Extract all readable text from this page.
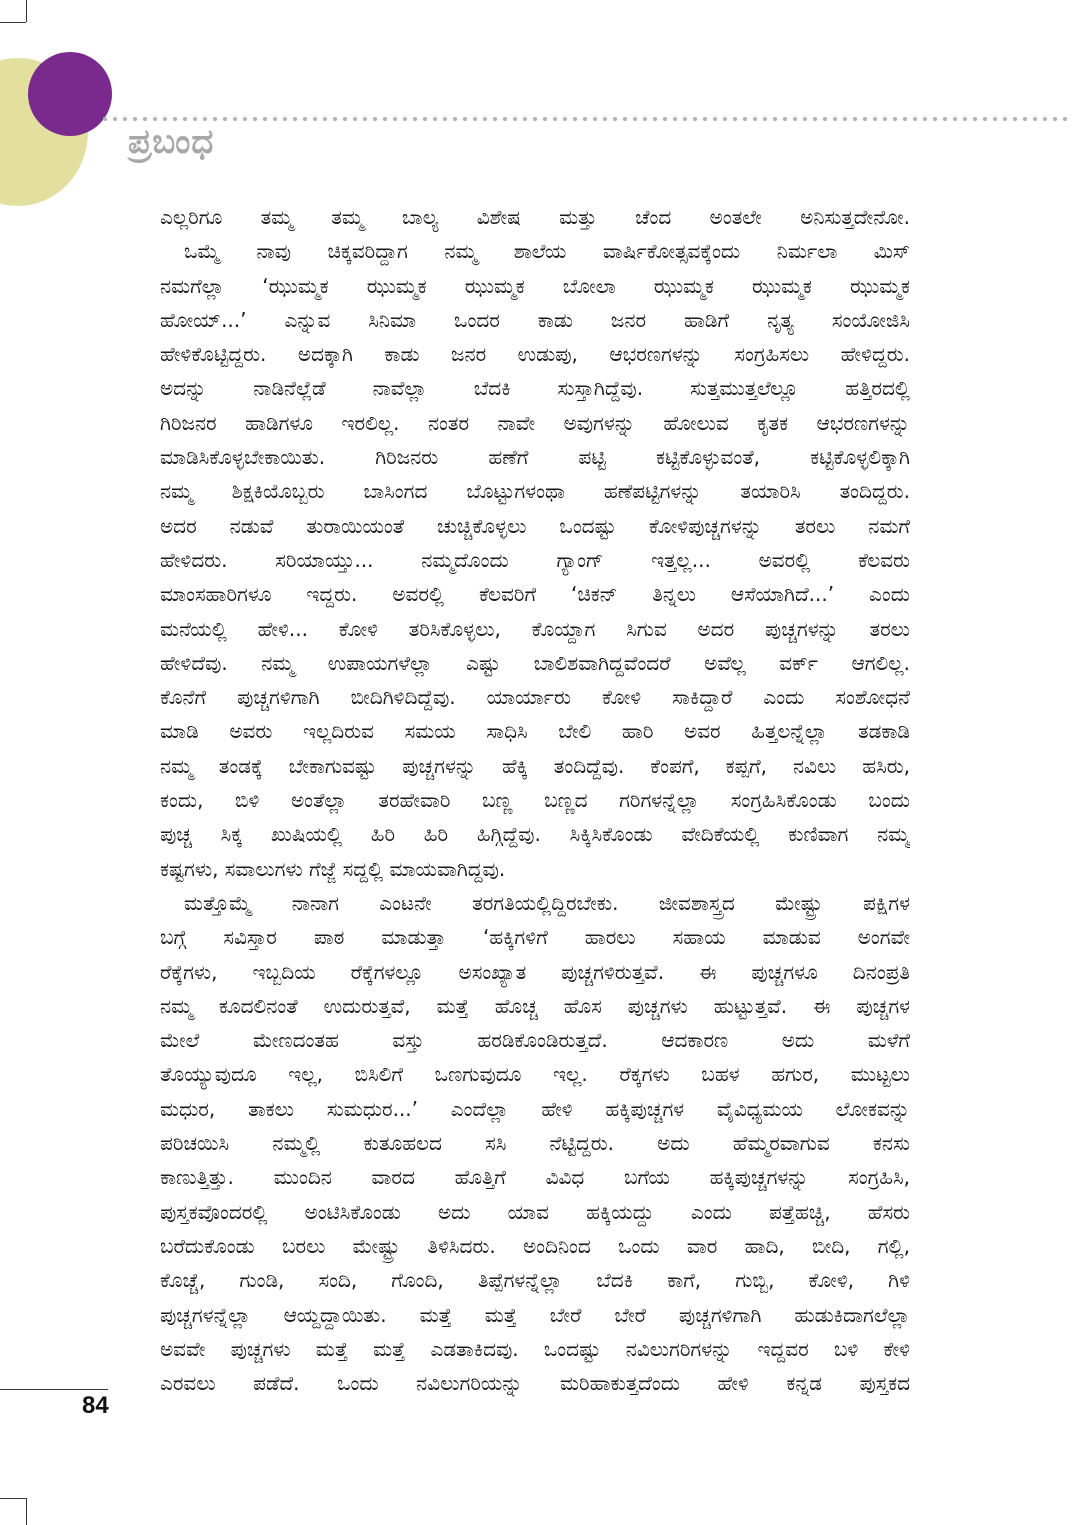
ಪ್ರಬಂಧ
ಎಲ್ಲರಿಗೂ ತಮ್ಮ ತಮ್ಮ ಬಾಲ್ಯ ವಿಶೇಷ ಮತ್ತು ಚೆಂದ ಅಂತಲೇ ಅನಿಸುತ್ತದೇನೋ.
ಒಮ್ಮೆ ನಾವು ಚಿಕ್ಕವರಿದ್ದಾಗ ನಮ್ಮ ಶಾಲೆಯ ವಾರ್ಷಿಕೋತ್ಸವಕ್ಕೆಂದು ನಿರ್ಮಲಾ ಮಿಸ್
ನಮಗೆಲ್ಲಾ ‘ಝುಮ್ಮಕ ಝುಮ್ಮಕ ಝುಮ್ಮಕ ಬೋಲಾ ಝುಮ್ಮಕ ಝುಮ್ಮಕ ಝುಮ್ಮಕ
ಹೋಯ್...’ ಎನ್ನುವ ಸಿನಿಮಾ ಒಂದರ ಕಾಡು ಜನರ ಹಾಡಿಗೆ ನೃತ್ಯ ಸಂಯೋಜಿಸಿ
ಹೇಳಿಕೊಟ್ಟಿದ್ದರು. ಅದಕ್ಕಾಗಿ ಕಾಡು ಜನರ ಉಡುಪು, ಆಭರಣಗಳನ್ನು ಸಂಗ್ರಹಿಸಲು ಹೇಳಿದ್ದರು.
ಅದನ್ನು ನಾಡಿನೆಲ್ಲೆಡೆ ನಾವೆಲ್ಲಾ ಬೆದಕಿ ಸುಸ್ತಾಗಿದ್ದೆವು. ಸುತ್ತಮುತ್ತಲೆಲ್ಲೂ ಹತ್ತಿರದಲ್ಲಿ
ಗಿರಿಜನರ ಹಾಡಿಗಳೂ ಇರಲಿಲ್ಲ. ನಂತರ ನಾವೇ ಅವುಗಳನ್ನು ಹೋಲುವ ಕೃತಕ ಆಭರಣಗಳನ್ನು
ಮಾಡಿಸಿಕೊಳ್ಳಬೇಕಾಯಿತು. ಗಿರಿಜನರು ಹಣೆಗೆ ಪಟ್ಟಿ ಕಟ್ಟಿಕೊಳ್ಳುವಂತೆ, ಕಟ್ಟಿಕೊಳ್ಳಲಿಕ್ಕಾಗಿ
ನಮ್ಮ ಶಿಕ್ಷಕಿಯೊಬ್ಬರು ಬಾಸಿಂಗದ ಬೊಟ್ಟುಗಳಂಥಾ ಹಣೆಪಟ್ಟಿಗಳನ್ನು ತಯಾರಿಸಿ ತಂದಿದ್ದರು.
ಅದರ ನಡುವೆ ತುರಾಯಿಯಂತೆ ಚುಚ್ಚಿಕೊಳ್ಳಲು ಒಂದಷ್ಟು ಕೋಳಿಪುಚ್ಚಗಳನ್ನು ತರಲು ನಮಗೆ
ಹೇಳಿದರು. ಸರಿಯಾಯ್ತು... ನಮ್ಮದೊಂದು ಗ್ಯಾಂಗ್ ಇತ್ತಲ್ಲ... ಅವರಲ್ಲಿ ಕೆಲವರು
ಮಾಂಸಹಾರಿಗಳೂ ಇದ್ದರು. ಅವರಲ್ಲಿ ಕೆಲವರಿಗೆ ‘ಚಿಕನ್ ತಿನ್ನಲು ಆಸೆಯಾಗಿದೆ...’ ಎಂದು
ಮನೆಯಲ್ಲಿ ಹೇಳಿ... ಕೋಳಿ ತರಿಸಿಕೊಳ್ಳಲು, ಕೊಯ್ದಾಗ ಸಿಗುವ ಅದರ ಪುಚ್ಚಗಳನ್ನು ತರಲು
ಹೇಳಿದೆವು. ನಮ್ಮ ಉಪಾಯಗಳೆಲ್ಲಾ ಎಷ್ಟು ಬಾಲಿಶವಾಗಿದ್ದವೆಂದರೆ ಅವೆಲ್ಲ ವರ್ಕ್ ಆಗಲಿಲ್ಲ.
ಕೊನೆಗೆ ಪುಚ್ಚಗಳಿಗಾಗಿ ಬೀದಿಗಿಳಿದಿದ್ದೆವು. ಯಾರ್ಯಾರು ಕೋಳಿ ಸಾಕಿದ್ದಾರೆ ಎಂದು ಸಂಶೋಧನೆ
ಮಾಡಿ ಅವರು ಇಲ್ಲದಿರುವ ಸಮಯ ಸಾಧಿಸಿ ಬೇಲಿ ಹಾರಿ ಅವರ ಹಿತ್ತಲನ್ನೆಲ್ಲಾ ತಡಕಾಡಿ
ನಮ್ಮ ತಂಡಕ್ಕೆ ಬೇಕಾಗುವಷ್ಟು ಪುಚ್ಚಗಳನ್ನು ಹೆಕ್ಕಿ ತಂದಿದ್ದೆವು. ಕೆಂಪಗೆ, ಕಪ್ಪಗೆ, ನವಿಲು ಹಸಿರು,
ಕಂದು, ಬಿಳಿ ಅಂತೆಲ್ಲಾ ತರಹೇವಾರಿ ಬಣ್ಣ ಬಣ್ಣದ ಗರಿಗಳನ್ನೆಲ್ಲಾ ಸಂಗ್ರಹಿಸಿಕೊಂಡು ಬಂದು
ಪುಚ್ಚ ಸಿಕ್ಕ ಖುಷಿಯಲ್ಲಿ ಹಿರಿ ಹಿರಿ ಹಿಗ್ಗಿದ್ದೆವು. ಸಿಕ್ಕಿಸಿಕೊಂಡು ವೇದಿಕೆಯಲ್ಲಿ ಕುಣಿವಾಗ ನಮ್ಮ
ಕಷ್ಟಗಳು, ಸವಾಲುಗಳು ಗೆಜ್ಜೆ ಸದ್ದಲ್ಲಿ ಮಾಯವಾಗಿದ್ದವು.
ಮತ್ತೊಮ್ಮೆ ನಾನಾಗ ಎಂಟನೇ ತರಗತಿಯಲ್ಲಿದ್ದಿರಬೇಕು. ಜೀವಶಾಸ್ತ್ರದ ಮೇಷ್ಟ್ರು ಪಕ್ಷಿಗಳ
ಬಗ್ಗೆ ಸವಿಸ್ತಾರ ಪಾಠ ಮಾಡುತ್ತಾ ‘ಹಕ್ಕಿಗಳಿಗೆ ಹಾರಲು ಸಹಾಯ ಮಾಡುವ ಅಂಗವೇ
ರೆಕ್ಕೆಗಳು, ಇಬ್ಬದಿಯ ರೆಕ್ಕೆಗಳಲ್ಲೂ ಅಸಂಖ್ಯಾತ ಪುಚ್ಚಗಳಿರುತ್ತವೆ. ಈ ಪುಚ್ಚಗಳೂ ದಿನಂಪ್ರತಿ
ನಮ್ಮ ಕೂದಲಿನಂತೆ ಉದುರುತ್ತವೆ, ಮತ್ತೆ ಹೊಚ್ಚ ಹೊಸ ಪುಚ್ಚಗಳು ಹುಟ್ಟುತ್ತವೆ. ಈ ಪುಚ್ಚಗಳ
ಮೇಲೆ ಮೇಣದಂತಹ ವಸ್ತು ಹರಡಿಕೊಂಡಿರುತ್ತದೆ. ಆದಕಾರಣ ಅದು ಮಳೆಗೆ
ತೊಯ್ಯುವುದೂ ಇಲ್ಲ, ಬಿಸಿಲಿಗೆ ಒಣಗುವುದೂ ಇಲ್ಲ. ರೆಕ್ಕಗಳು ಬಹಳ ಹಗುರ, ಮುಟ್ಟಲು
ಮಧುರ, ತಾಕಲು ಸುಮಧುರ...’ ಎಂದೆಲ್ಲಾ ಹೇಳಿ ಹಕ್ಕಿಪುಚ್ಚಗಳ ವೈವಿಧ್ಯಮಯ ಲೋಕವನ್ನು
ಪರಿಚಯಿಸಿ ನಮ್ಮಲ್ಲಿ ಕುತೂಹಲದ ಸಸಿ ನೆಟ್ಟಿದ್ದರು. ಅದು ಹೆಮ್ಮರವಾಗುವ ಕನಸು
ಕಾಣುತ್ತಿತ್ತು. ಮುಂದಿನ ವಾರದ ಹೊತ್ತಿಗೆ ವಿವಿಧ ಬಗೆಯ ಹಕ್ಕಿಪುಚ್ಚಗಳನ್ನು ಸಂಗ್ರಹಿಸಿ,
ಪುಸ್ತಕವೊಂದರಲ್ಲಿ ಅಂಟಿಸಿಕೊಂಡು ಅದು ಯಾವ ಹಕ್ಕಿಯದ್ದು ಎಂದು ಪತ್ತೆಹಚ್ಚಿ, ಹೆಸರು
ಬರೆದುಕೊಂಡು ಬರಲು ಮೇಷ್ಟ್ರು ತಿಳಿಸಿದರು. ಅಂದಿನಿಂದ ಒಂದು ವಾರ ಹಾದಿ, ಬೀದಿ, ಗಲ್ಲಿ,
ಕೊಚ್ಚೆ, ಗುಂಡಿ, ಸಂದಿ, ಗೊಂದಿ, ತಿಪ್ಪೆಗಳನ್ನೆಲ್ಲಾ ಬೆದಕಿ ಕಾಗೆ, ಗುಬ್ಬಿ, ಕೋಳಿ, ಗಿಳಿ
ಪುಚ್ಚಗಳನ್ನೆಲ್ಲಾ ಆಯ್ದದ್ದಾಯಿತು. ಮತ್ತೆ ಮತ್ತೆ ಬೇರೆ ಬೇರೆ ಪುಚ್ಚಗಳಿಗಾಗಿ ಹುಡುಕಿದಾಗಲೆಲ್ಲಾ
ಅವವೇ ಪುಚ್ಚಗಳು ಮತ್ತೆ ಮತ್ತೆ ಎಡತಾಕಿದವು. ಒಂದಷ್ಟು ನವಿಲುಗರಿಗಳನ್ನು ಇದ್ದವರ ಬಳಿ ಕೇಳಿ
ಎರವಲು ಪಡೆದೆ. ಒಂದು ನವಿಲುಗರಿಯನ್ನು ಮರಿಹಾಕುತ್ತದೆಂದು ಹೇಳಿ ಕನ್ನಡ ಪುಸ್ತಕದ
84
